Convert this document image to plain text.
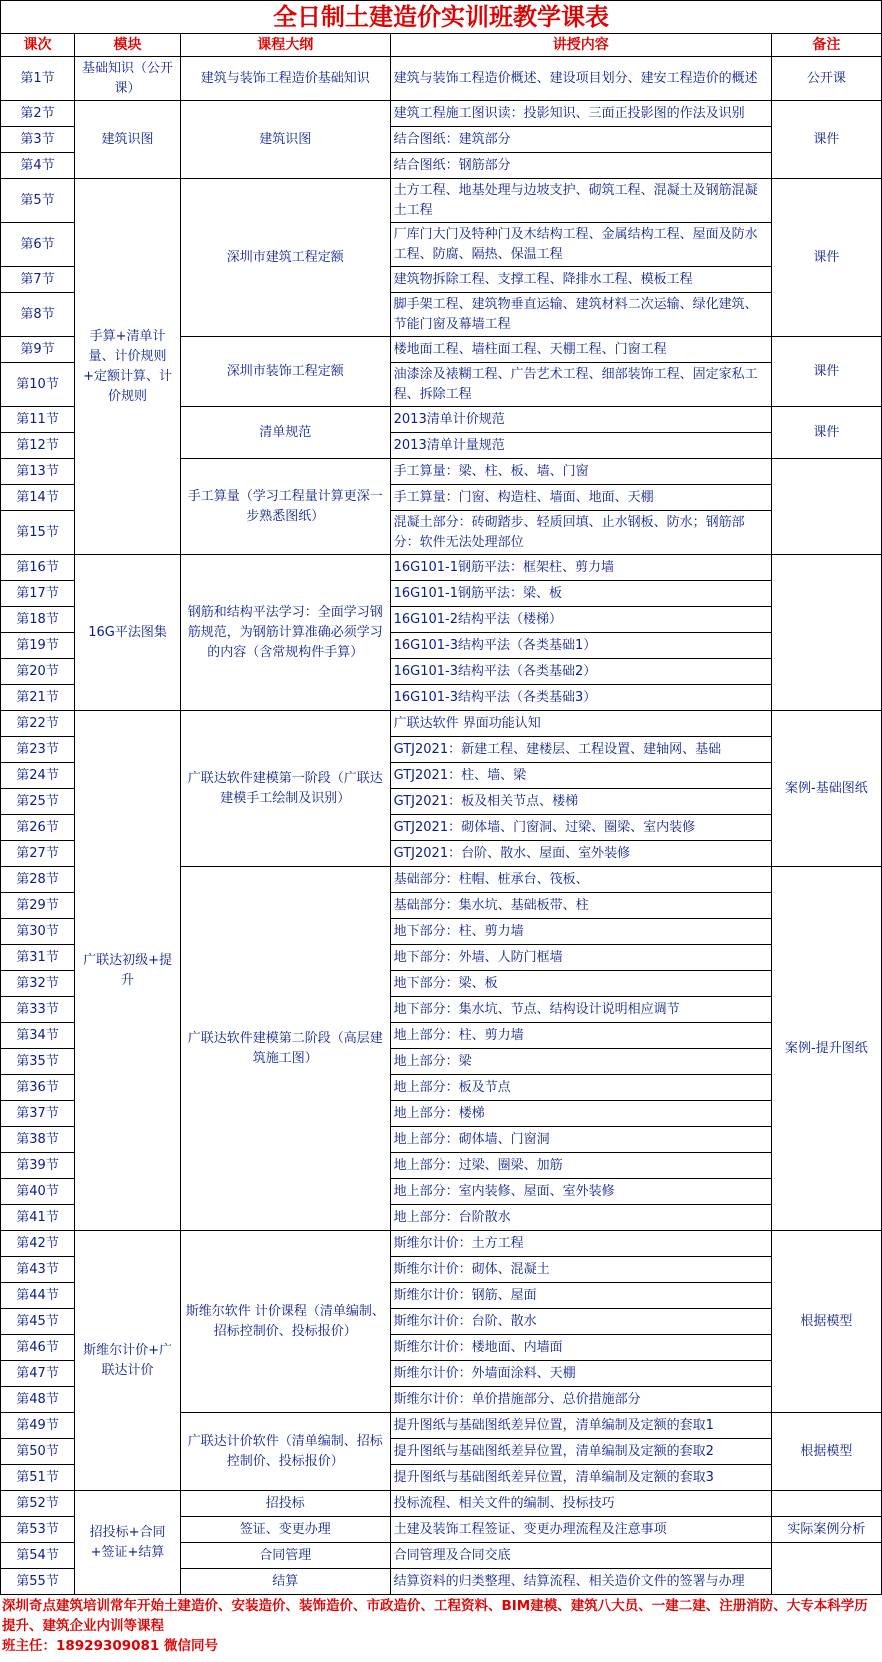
全日制土建造价实训班教学课表				
课次	模块	课程大纲	讲授内容	备注
第1节	基础知识（公开课）	建筑与装饰工程造价基础知识	建筑与装饰工程造价概述、建设项目划分、建安工程造价的概述	公开课
第2节	建筑识图	建筑识图	建筑工程施工图识读：投影知识、三面正投影图的作法及识别	课件
第3节			结合图纸：建筑部分	
第4节			结合图纸：钢筋部分	
第5节	手算+清单计量、计价规则+定额计算、计价规则	深圳市建筑工程定额	土方工程、地基处理与边坡支护、砌筑工程、混凝土及钢筋混凝土工程	课件
第6节			厂库门大门及特种门及木结构工程、金属结构工程、屋面及防水工程、防腐、隔热、保温工程	
第7节			建筑物拆除工程、支撑工程、降排水工程、模板工程	
第8节			脚手架工程、建筑物垂直运输、建筑材料二次运输、绿化建筑、节能门窗及幕墙工程	
第9节		深圳市装饰工程定额	楼地面工程、墙柱面工程、天棚工程、门窗工程	课件
第10节			油漆涂及裱糊工程、广告艺术工程、细部装饰工程、固定家私工程、拆除工程	
第11节		清单规范	2013清单计价规范	课件
第12节			2013清单计量规范	
第13节		手工算量（学习工程量计算更深一步熟悉图纸）	手工算量：梁、柱、板、墙、门窗	
第14节			手工算量：门窗、构造柱、墙面、地面、天棚	
第15节			混凝土部分：砖砌踏步、轻质回填、止水钢板、防水；钢筋部分：软件无法处理部位	
第16节	16G平法图集	钢筋和结构平法学习：全面学习钢筋规范，为钢筋计算准确必须学习的内容（含常规构件手算）	16G101-1钢筋平法：框架柱、剪力墙	
第17节			16G101-1钢筋平法：梁、板	
第18节			16G101-2结构平法（楼梯）	
第19节			16G101-3结构平法（各类基础1）	
第20节			16G101-3结构平法（各类基础2）	
第21节			16G101-3结构平法（各类基础3）	
第22节	广联达初级+提升	广联达软件建模第一阶段（广联达建模手工绘制及识别）	广联达软件 界面功能认知	案例-基础图纸
第23节			GTJ2021：新建工程、建楼层、工程设置、建轴网、基础	
第24节			GTJ2021：柱、墙、梁	
第25节			GTJ2021：板及相关节点、楼梯	
第26节			GTJ2021：砌体墙、门窗洞、过梁、圈梁、室内装修	
第27节			GTJ2021：台阶、散水、屋面、室外装修	
第28节		广联达软件建模第二阶段（高层建筑施工图）	基础部分：柱帽、桩承台、筏板、	案例-提升图纸
第29节			基础部分：集水坑、基础板带、柱	
第30节			地下部分：柱、剪力墙	
第31节			地下部分：外墙、人防门框墙	
第32节			地下部分：梁、板	
第33节			地下部分：集水坑、节点、结构设计说明相应调节	
第34节			地上部分：柱、剪力墙	
第35节			地上部分：梁	
第36节			地上部分：板及节点	
第37节			地上部分：楼梯	
第38节			地上部分：砌体墙、门窗洞	
第39节			地上部分：过梁、圈梁、加筋	
第40节			地上部分：室内装修、屋面、室外装修	
第41节			地上部分：台阶散水	
第42节	斯维尔计价+广联达计价	斯维尔软件 计价课程（清单编制、招标控制价、投标报价）	斯维尔计价：土方工程	根据模型
第43节			斯维尔计价：砌体、混凝土	
第44节			斯维尔计价：钢筋、屋面	
第45节			斯维尔计价：台阶、散水	
第46节			斯维尔计价：楼地面、内墙面	
第47节			斯维尔计价：外墙面涂料、天棚	
第48节			斯维尔计价：单价措施部分、总价措施部分	
第49节		广联达计价软件（清单编制、招标控制价、投标报价）	提升图纸与基础图纸差异位置，清单编制及定额的套取1	根据模型
第50节			提升图纸与基础图纸差异位置，清单编制及定额的套取2	
第51节			提升图纸与基础图纸差异位置，清单编制及定额的套取3	
第52节	招投标+合同+签证+结算	招投标	投标流程、相关文件的编制、投标技巧	
第53节		签证、变更办理	土建及装饰工程签证、变更办理流程及注意事项	实际案例分析
第54节		合同管理	合同管理及合同交底	
第55节		结算	结算资料的归类整理、结算流程、相关造价文件的签署与办理	
深圳奇点建筑培训常年开始土建造价、安装造价、装饰造价、市政造价、工程资料、BIM建模、建筑八大员、一建二建、注册消防、大专本科学历提升、建筑企业内训等课程
班主任：18929309081 微信同号
